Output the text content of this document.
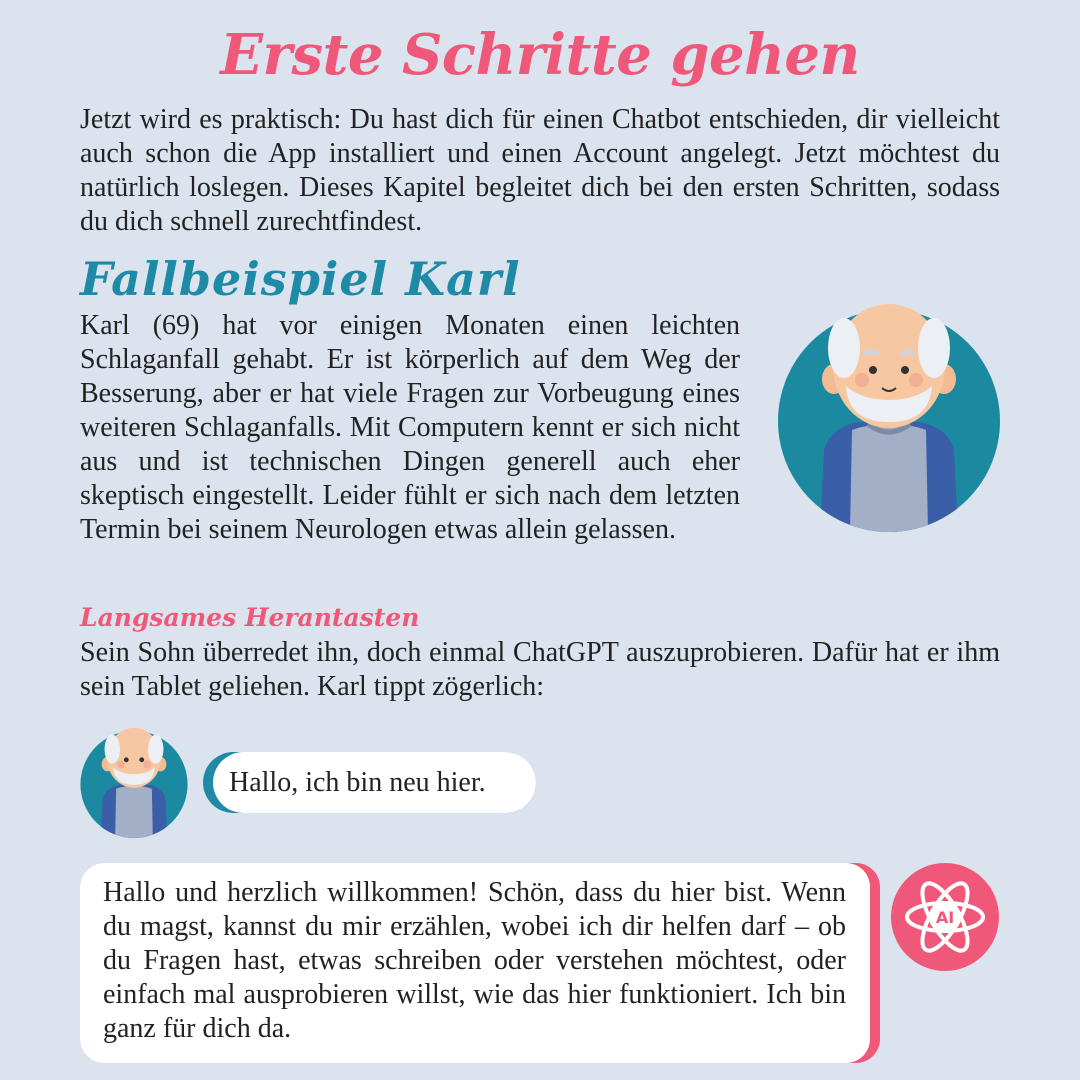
Erste Schritte gehen

Jetzt wird es praktisch: Du hast dich für einen Chatbot entschieden, dir vielleicht auch schon die App installiert und einen Account angelegt. Jetzt möchtest du natürlich loslegen. Dieses Kapitel begleitet dich bei den ersten Schritten, sodass du dich schnell zurechtfindest.

Fallbeispiel Karl

Karl (69) hat vor einigen Monaten einen leichten Schlaganfall gehabt. Er ist körperlich auf dem Weg der Besserung, aber er hat viele Fragen zur Vorbeugung eines weiteren Schlaganfalls. Mit Computern kennt er sich nicht aus und ist technischen Dingen generell auch eher skeptisch eingestellt. Leider fühlt er sich nach dem letzten Termin bei seinem Neurologen etwas allein gelassen.

Langsames Herantasten

Sein Sohn überredet ihn, doch einmal ChatGPT auszuprobieren. Dafür hat er ihm sein Tablet geliehen. Karl tippt zögerlich:

Hallo, ich bin neu hier.

Hallo und herzlich willkommen! Schön, dass du hier bist. Wenn du magst, kannst du mir erzählen, wobei ich dir helfen darf – ob du Fragen hast, etwas schreiben oder verstehen möchtest, oder einfach mal ausprobieren willst, wie das hier funktioniert. Ich bin ganz für dich da.

AI
